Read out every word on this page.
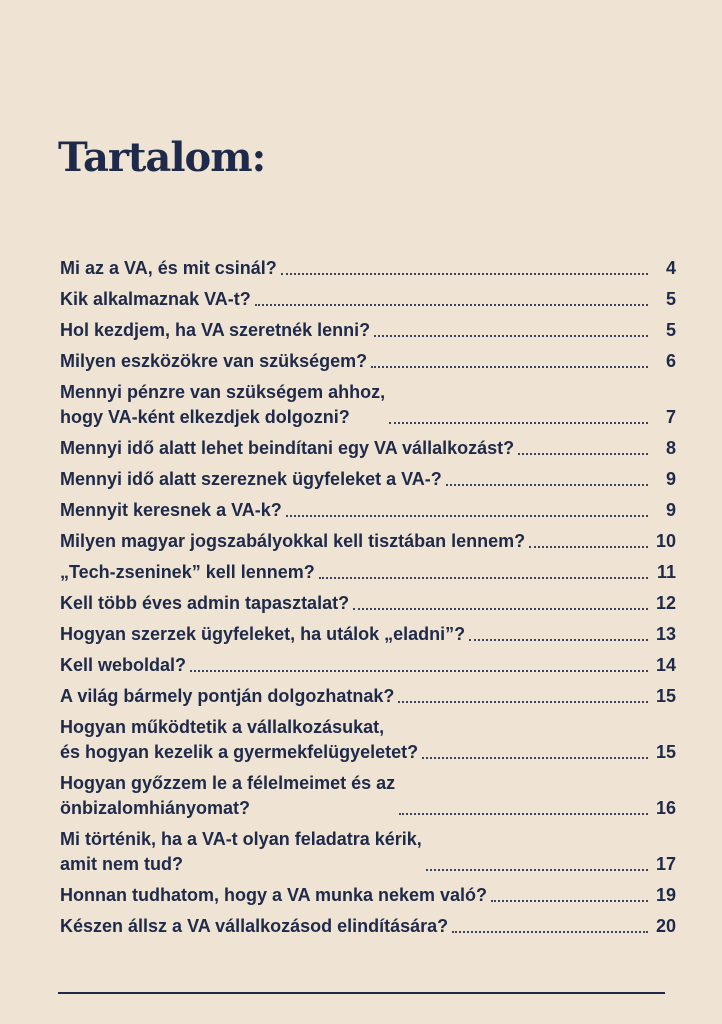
Tartalom:
Mi az a VA, és mit csinál?	4
Kik alkalmaznak VA-t?	5
Hol kezdjem, ha VA szeretnék lenni?	5
Milyen eszközökre van szükségem?	6
Mennyi pénzre van szükségem ahhoz,
hogy VA-ként elkezdjek dolgozni?	7
Mennyi idő alatt lehet beindítani egy VA vállalkozást?	8
Mennyi idő alatt szereznek ügyfeleket a VA-?	9
Mennyit keresnek a VA-k?	9
Milyen magyar jogszabályokkal kell tisztában lennem?	10
„Tech-zseninek” kell lennem?	11
Kell több éves admin tapasztalat?	12
Hogyan szerzek ügyfeleket, ha utálok „eladni”?	13
Kell weboldal?	14
A világ bármely pontján dolgozhatnak?	15
Hogyan működtetik a vállalkozásukat,
és hogyan kezelik a gyermekfelügyeletet?	15
Hogyan győzzem le a félelmeimet és az
önbizalomhiányomat?	16
Mi történik, ha a VA-t olyan feladatra kérik,
amit nem tud?	17
Honnan tudhatom, hogy a VA munka nekem való?	19
Készen állsz a VA vállalkozásod elindítására?	20
